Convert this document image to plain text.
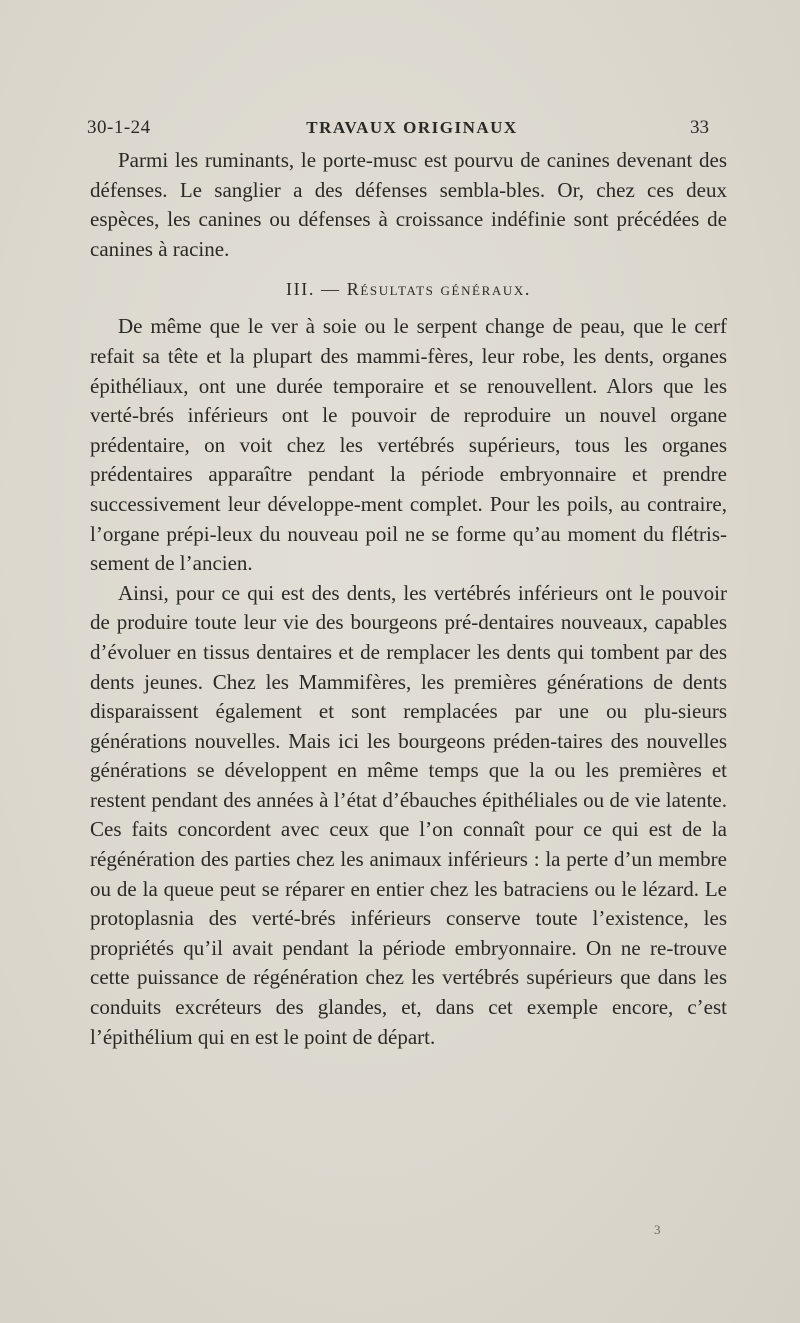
30-1-24	TRAVAUX ORIGINAUX	33

Parmi les ruminants, le porte-musc est pourvu de canines devenant des défenses. Le sanglier a des défenses sembla-bles. Or, chez ces deux espèces, les canines ou défenses à croissance indéfinie sont précédées de canines à racine.

III. — Résultats généraux.

De même que le ver à soie ou le serpent change de peau, que le cerf refait sa tête et la plupart des mammi-fères, leur robe, les dents, organes épithéliaux, ont une durée temporaire et se renouvellent. Alors que les verté-brés inférieurs ont le pouvoir de reproduire un nouvel organe prédentaire, on voit chez les vertébrés supérieurs, tous les organes prédentaires apparaître pendant la période embryonnaire et prendre successivement leur développe-ment complet. Pour les poils, au contraire, l’organe prépi-leux du nouveau poil ne se forme qu’au moment du flétris-sement de l’ancien.

Ainsi, pour ce qui est des dents, les vertébrés inférieurs ont le pouvoir de produire toute leur vie des bourgeons pré-dentaires nouveaux, capables d’évoluer en tissus dentaires et de remplacer les dents qui tombent par des dents jeunes. Chez les Mammifères, les premières générations de dents disparaissent également et sont remplacées par une ou plu-sieurs générations nouvelles. Mais ici les bourgeons préden-taires des nouvelles générations se développent en même temps que la ou les premières et restent pendant des années à l’état d’ébauches épithéliales ou de vie latente. Ces faits concordent avec ceux que l’on connaît pour ce qui est de la régénération des parties chez les animaux inférieurs : la perte d’un membre ou de la queue peut se réparer en entier chez les batraciens ou le lézard. Le protoplasnia des verté-brés inférieurs conserve toute l’existence, les propriétés qu’il avait pendant la période embryonnaire. On ne re-trouve cette puissance de régénération chez les vertébrés supérieurs que dans les conduits excréteurs des glandes, et, dans cet exemple encore, c’est l’épithélium qui en est le point de départ.

3
